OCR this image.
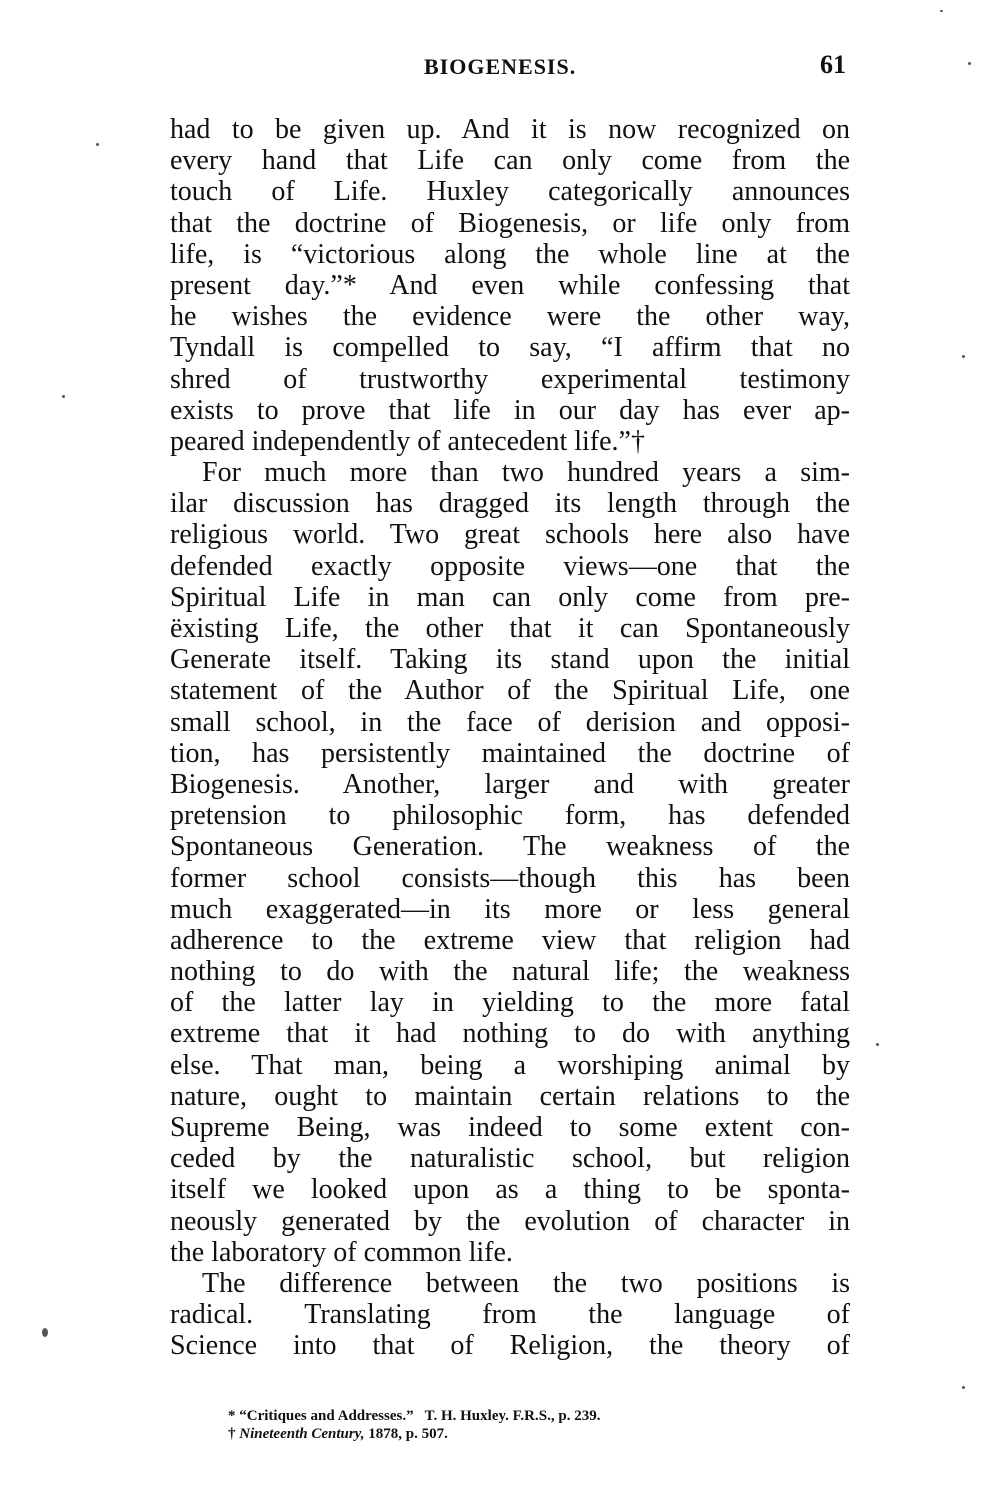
BIOGENESIS.	61
had to be given up. And it is now recognized on
every hand that Life can only come from the
touch of Life. Huxley categorically announces
that the doctrine of Biogenesis, or life only from
life, is “victorious along the whole line at the
present day.”* And even while confessing that
he wishes the evidence were the other way,
Tyndall is compelled to say, “I affirm that no
shred of trustworthy experimental testimony
exists to prove that life in our day has ever ap-
peared independently of antecedent life.”†
For much more than two hundred years a sim-
ilar discussion has dragged its length through the
religious world. Two great schools here also have
defended exactly opposite views—one that the
Spiritual Life in man can only come from pre-
ëxisting Life, the other that it can Spontaneously
Generate itself. Taking its stand upon the initial
statement of the Author of the Spiritual Life, one
small school, in the face of derision and opposi-
tion, has persistently maintained the doctrine of
Biogenesis. Another, larger and with greater
pretension to philosophic form, has defended
Spontaneous Generation. The weakness of the
former school consists—though this has been
much exaggerated—in its more or less general
adherence to the extreme view that religion had
nothing to do with the natural life; the weakness
of the latter lay in yielding to the more fatal
extreme that it had nothing to do with anything
else. That man, being a worshiping animal by
nature, ought to maintain certain relations to the
Supreme Being, was indeed to some extent con-
ceded by the naturalistic school, but religion
itself we looked upon as a thing to be sponta-
neously generated by the evolution of character in
the laboratory of common life.
The difference between the two positions is
radical. Translating from the language of
Science into that of Religion, the theory of
* “Critiques and Addresses.” T. H. Huxley. F.R.S., p. 239.
† Nineteenth Century, 1878, p. 507.
